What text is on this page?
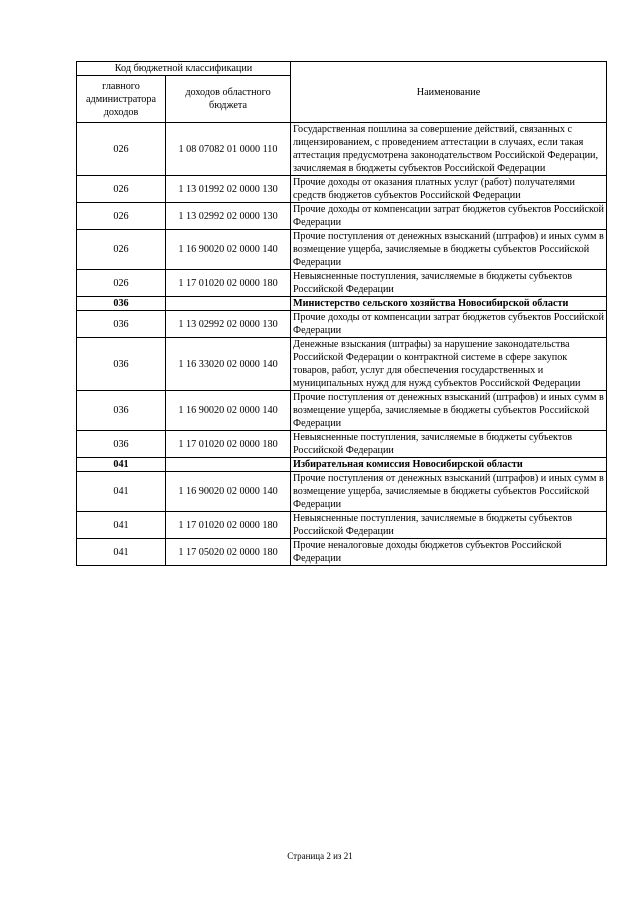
Код бюджетной классификации		Наименование
главного администратора доходов	доходов областного бюджета	
026	1 08 07082 01 0000 110	Государственная пошлина за совершение действий, связанных с лицензированием, с проведением аттестации в случаях, если такая аттестация предусмотрена законодательством Российской Федерации, зачисляемая в бюджеты субъектов Российской Федерации
026	1 13 01992 02 0000 130	Прочие доходы от оказания платных услуг (работ) получателями средств бюджетов субъектов Российской Федерации
026	1 13 02992 02 0000 130	Прочие доходы от компенсации затрат бюджетов субъектов Российской Федерации
026	1 16 90020 02 0000 140	Прочие поступления от денежных взысканий (штрафов) и иных сумм в возмещение ущерба, зачисляемые в бюджеты субъектов Российской Федерации
026	1 17 01020 02 0000 180	Невыясненные поступления, зачисляемые в бюджеты субъектов Российской Федерации
036		Министерство сельского хозяйства Новосибирской области
036	1 13 02992 02 0000 130	Прочие доходы от компенсации затрат бюджетов субъектов Российской Федерации
036	1 16 33020 02 0000 140	Денежные взыскания (штрафы) за нарушение законодательства Российской Федерации о контрактной системе в сфере закупок товаров, работ, услуг для обеспечения государственных и муниципальных нужд для нужд субъектов Российской Федерации
036	1 16 90020 02 0000 140	Прочие поступления от денежных взысканий (штрафов) и иных сумм в возмещение ущерба, зачисляемые в бюджеты субъектов Российской Федерации
036	1 17 01020 02 0000 180	Невыясненные поступления, зачисляемые в бюджеты субъектов Российской Федерации
041		Избирательная комиссия Новосибирской области
041	1 16 90020 02 0000 140	Прочие поступления от денежных взысканий (штрафов) и иных сумм в возмещение ущерба, зачисляемые в бюджеты субъектов Российской Федерации
041	1 17 01020 02 0000 180	Невыясненные поступления, зачисляемые в бюджеты субъектов Российской Федерации
041	1 17 05020 02 0000 180	Прочие неналоговые доходы бюджетов субъектов Российской Федерации
Страница 2 из 21
